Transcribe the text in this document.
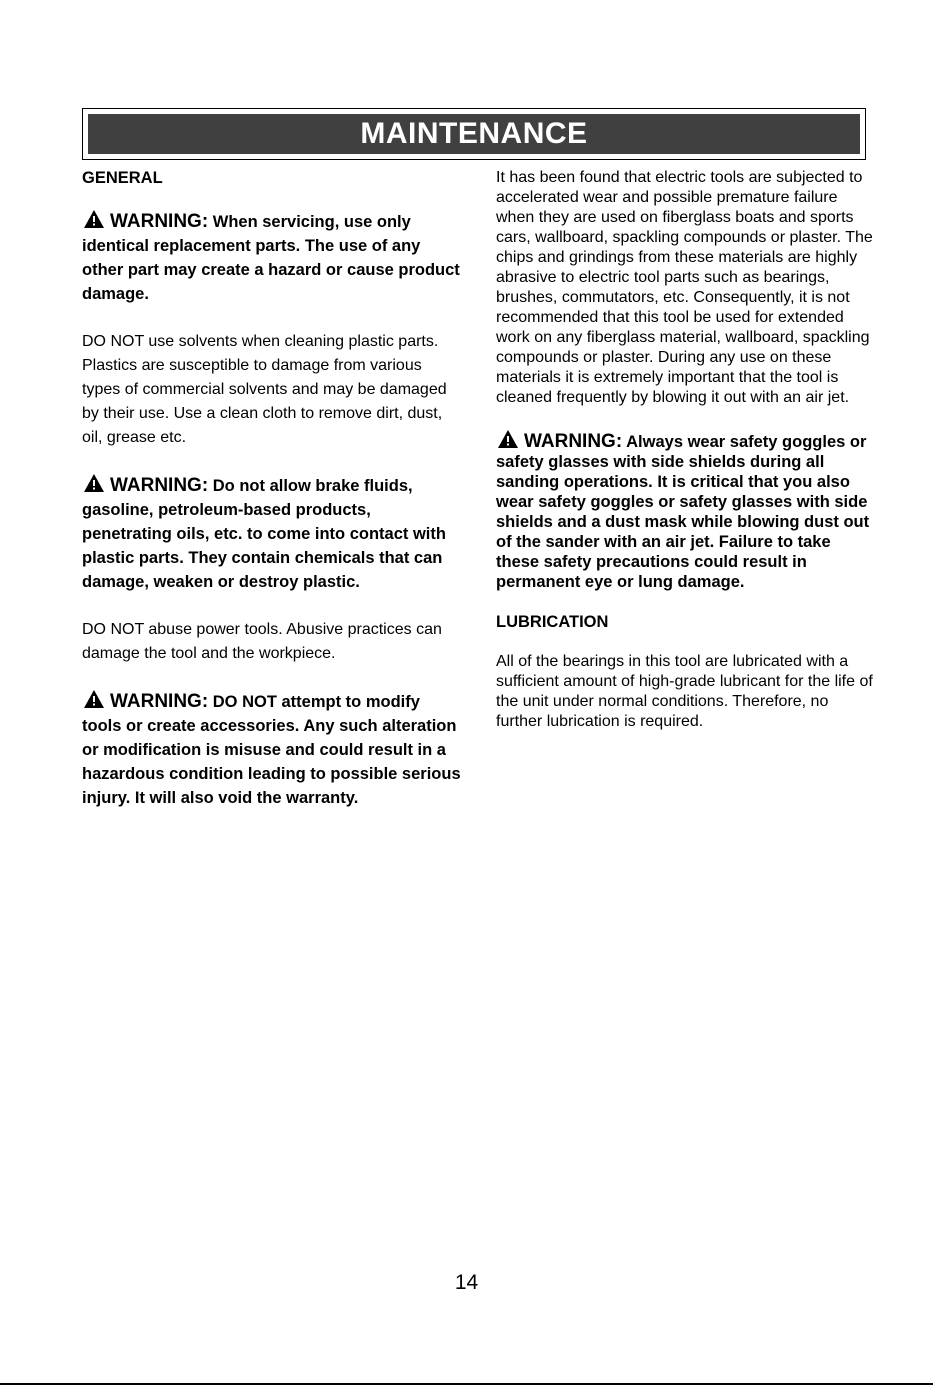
MAINTENANCE

GENERAL

WARNING: When servicing, use only identical replacement parts. The use of any other part may create a hazard or cause product damage.

DO NOT use solvents when cleaning plastic parts. Plastics are susceptible to damage from various types of commercial solvents and may be damaged by their use. Use a clean cloth to remove dirt, dust, oil, grease etc.

WARNING: Do not allow brake fluids, gasoline, petroleum-based products, penetrating oils, etc. to come into contact with plastic parts. They contain chemicals that can damage, weaken or destroy plastic.

DO NOT abuse power tools. Abusive practices can damage the tool and the workpiece.

WARNING: DO NOT attempt to modify tools or create accessories. Any such alteration or modification is misuse and could result in a hazardous condition leading to possible serious injury. It will also void the warranty.

It has been found that electric tools are subjected to accelerated wear and possible premature failure when they are used on fiberglass boats and sports cars, wallboard, spackling compounds or plaster. The chips and grindings from these materials are highly abrasive to electric tool parts such as bearings, brushes, commutators, etc. Consequently, it is not recommended that this tool be used for extended work on any fiberglass material, wallboard, spackling compounds or plaster. During any use on these materials it is extremely important that the tool is cleaned frequently by blowing it out with an air jet.

WARNING: Always wear safety goggles or safety glasses with side shields during all sanding operations. It is critical that you also wear safety goggles or safety glasses with side shields and a dust mask while blowing dust out of the sander with an air jet. Failure to take these safety precautions could result in permanent eye or lung damage.

LUBRICATION

All of the bearings in this tool are lubricated with a sufficient amount of high-grade lubricant for the life of the unit under normal conditions. Therefore, no further lubrication is required.

14
